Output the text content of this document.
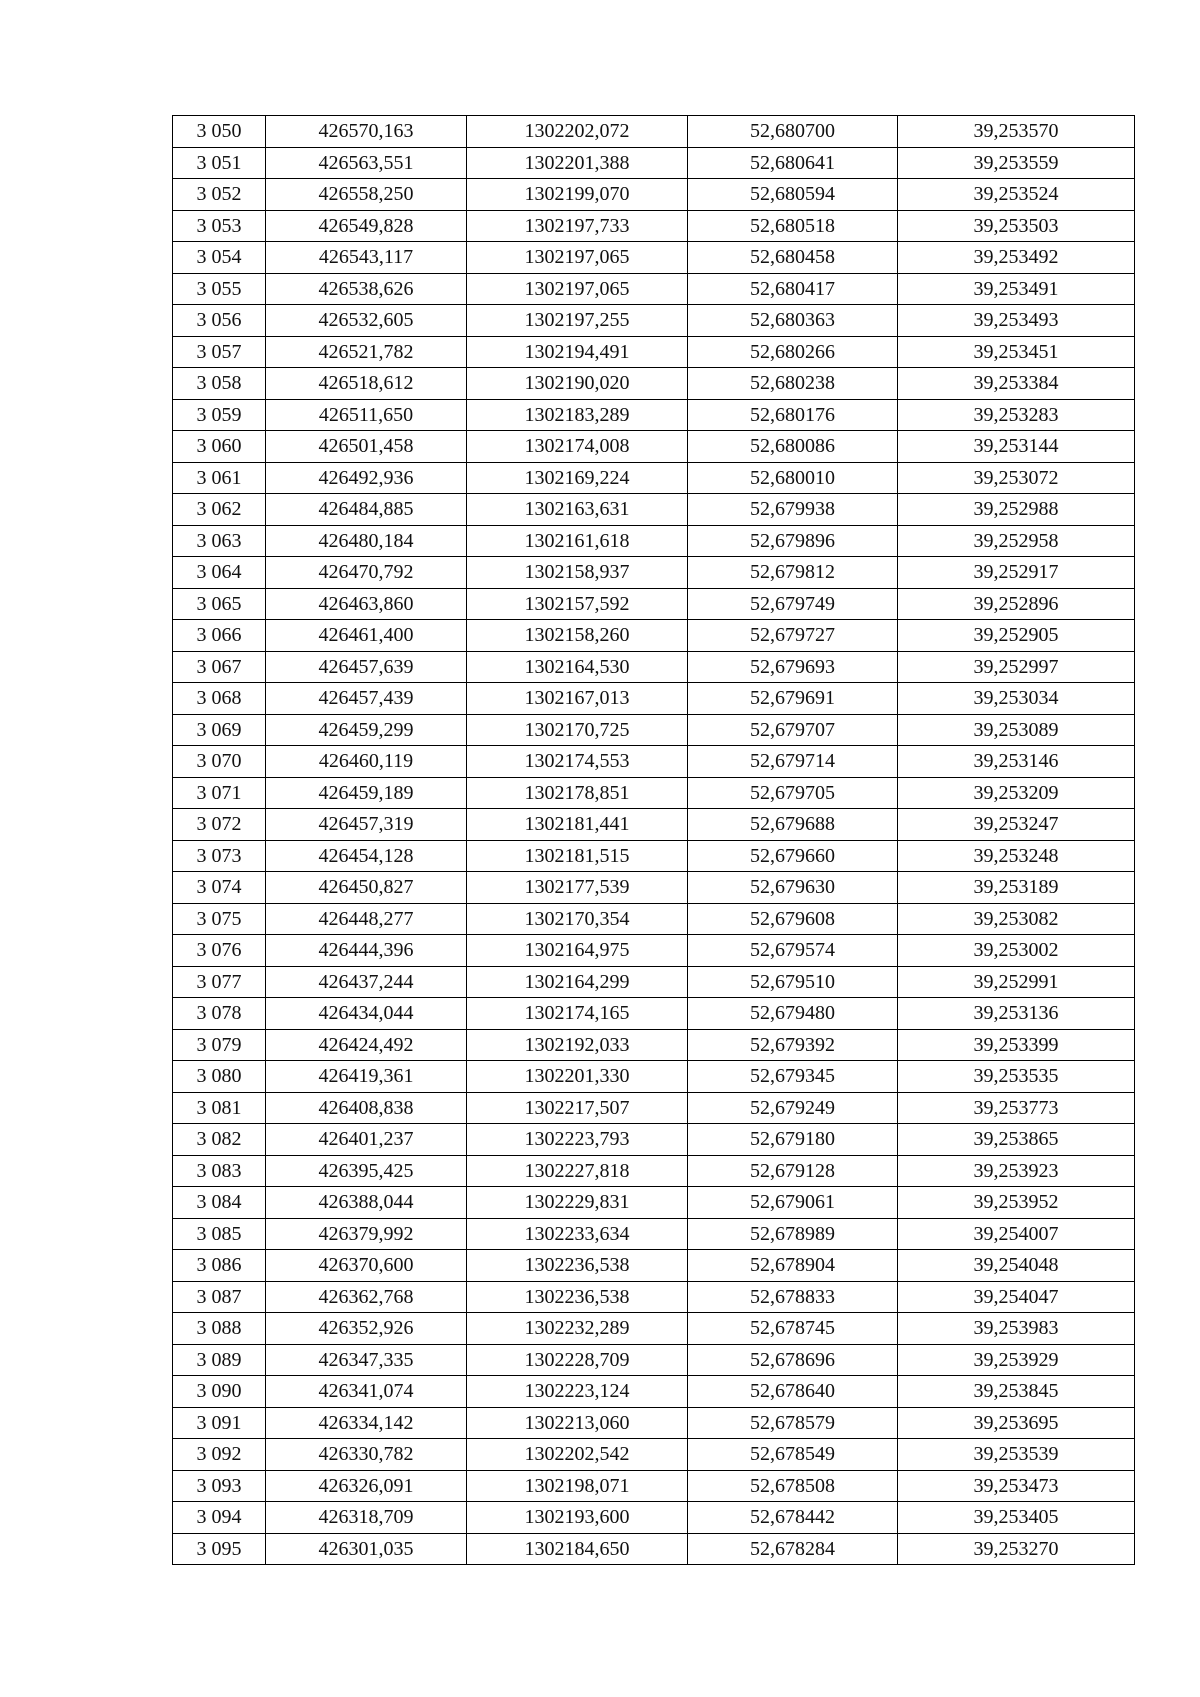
3 050	426570,163	1302202,072	52,680700	39,253570
3 051	426563,551	1302201,388	52,680641	39,253559
3 052	426558,250	1302199,070	52,680594	39,253524
3 053	426549,828	1302197,733	52,680518	39,253503
3 054	426543,117	1302197,065	52,680458	39,253492
3 055	426538,626	1302197,065	52,680417	39,253491
3 056	426532,605	1302197,255	52,680363	39,253493
3 057	426521,782	1302194,491	52,680266	39,253451
3 058	426518,612	1302190,020	52,680238	39,253384
3 059	426511,650	1302183,289	52,680176	39,253283
3 060	426501,458	1302174,008	52,680086	39,253144
3 061	426492,936	1302169,224	52,680010	39,253072
3 062	426484,885	1302163,631	52,679938	39,252988
3 063	426480,184	1302161,618	52,679896	39,252958
3 064	426470,792	1302158,937	52,679812	39,252917
3 065	426463,860	1302157,592	52,679749	39,252896
3 066	426461,400	1302158,260	52,679727	39,252905
3 067	426457,639	1302164,530	52,679693	39,252997
3 068	426457,439	1302167,013	52,679691	39,253034
3 069	426459,299	1302170,725	52,679707	39,253089
3 070	426460,119	1302174,553	52,679714	39,253146
3 071	426459,189	1302178,851	52,679705	39,253209
3 072	426457,319	1302181,441	52,679688	39,253247
3 073	426454,128	1302181,515	52,679660	39,253248
3 074	426450,827	1302177,539	52,679630	39,253189
3 075	426448,277	1302170,354	52,679608	39,253082
3 076	426444,396	1302164,975	52,679574	39,253002
3 077	426437,244	1302164,299	52,679510	39,252991
3 078	426434,044	1302174,165	52,679480	39,253136
3 079	426424,492	1302192,033	52,679392	39,253399
3 080	426419,361	1302201,330	52,679345	39,253535
3 081	426408,838	1302217,507	52,679249	39,253773
3 082	426401,237	1302223,793	52,679180	39,253865
3 083	426395,425	1302227,818	52,679128	39,253923
3 084	426388,044	1302229,831	52,679061	39,253952
3 085	426379,992	1302233,634	52,678989	39,254007
3 086	426370,600	1302236,538	52,678904	39,254048
3 087	426362,768	1302236,538	52,678833	39,254047
3 088	426352,926	1302232,289	52,678745	39,253983
3 089	426347,335	1302228,709	52,678696	39,253929
3 090	426341,074	1302223,124	52,678640	39,253845
3 091	426334,142	1302213,060	52,678579	39,253695
3 092	426330,782	1302202,542	52,678549	39,253539
3 093	426326,091	1302198,071	52,678508	39,253473
3 094	426318,709	1302193,600	52,678442	39,253405
3 095	426301,035	1302184,650	52,678284	39,253270
